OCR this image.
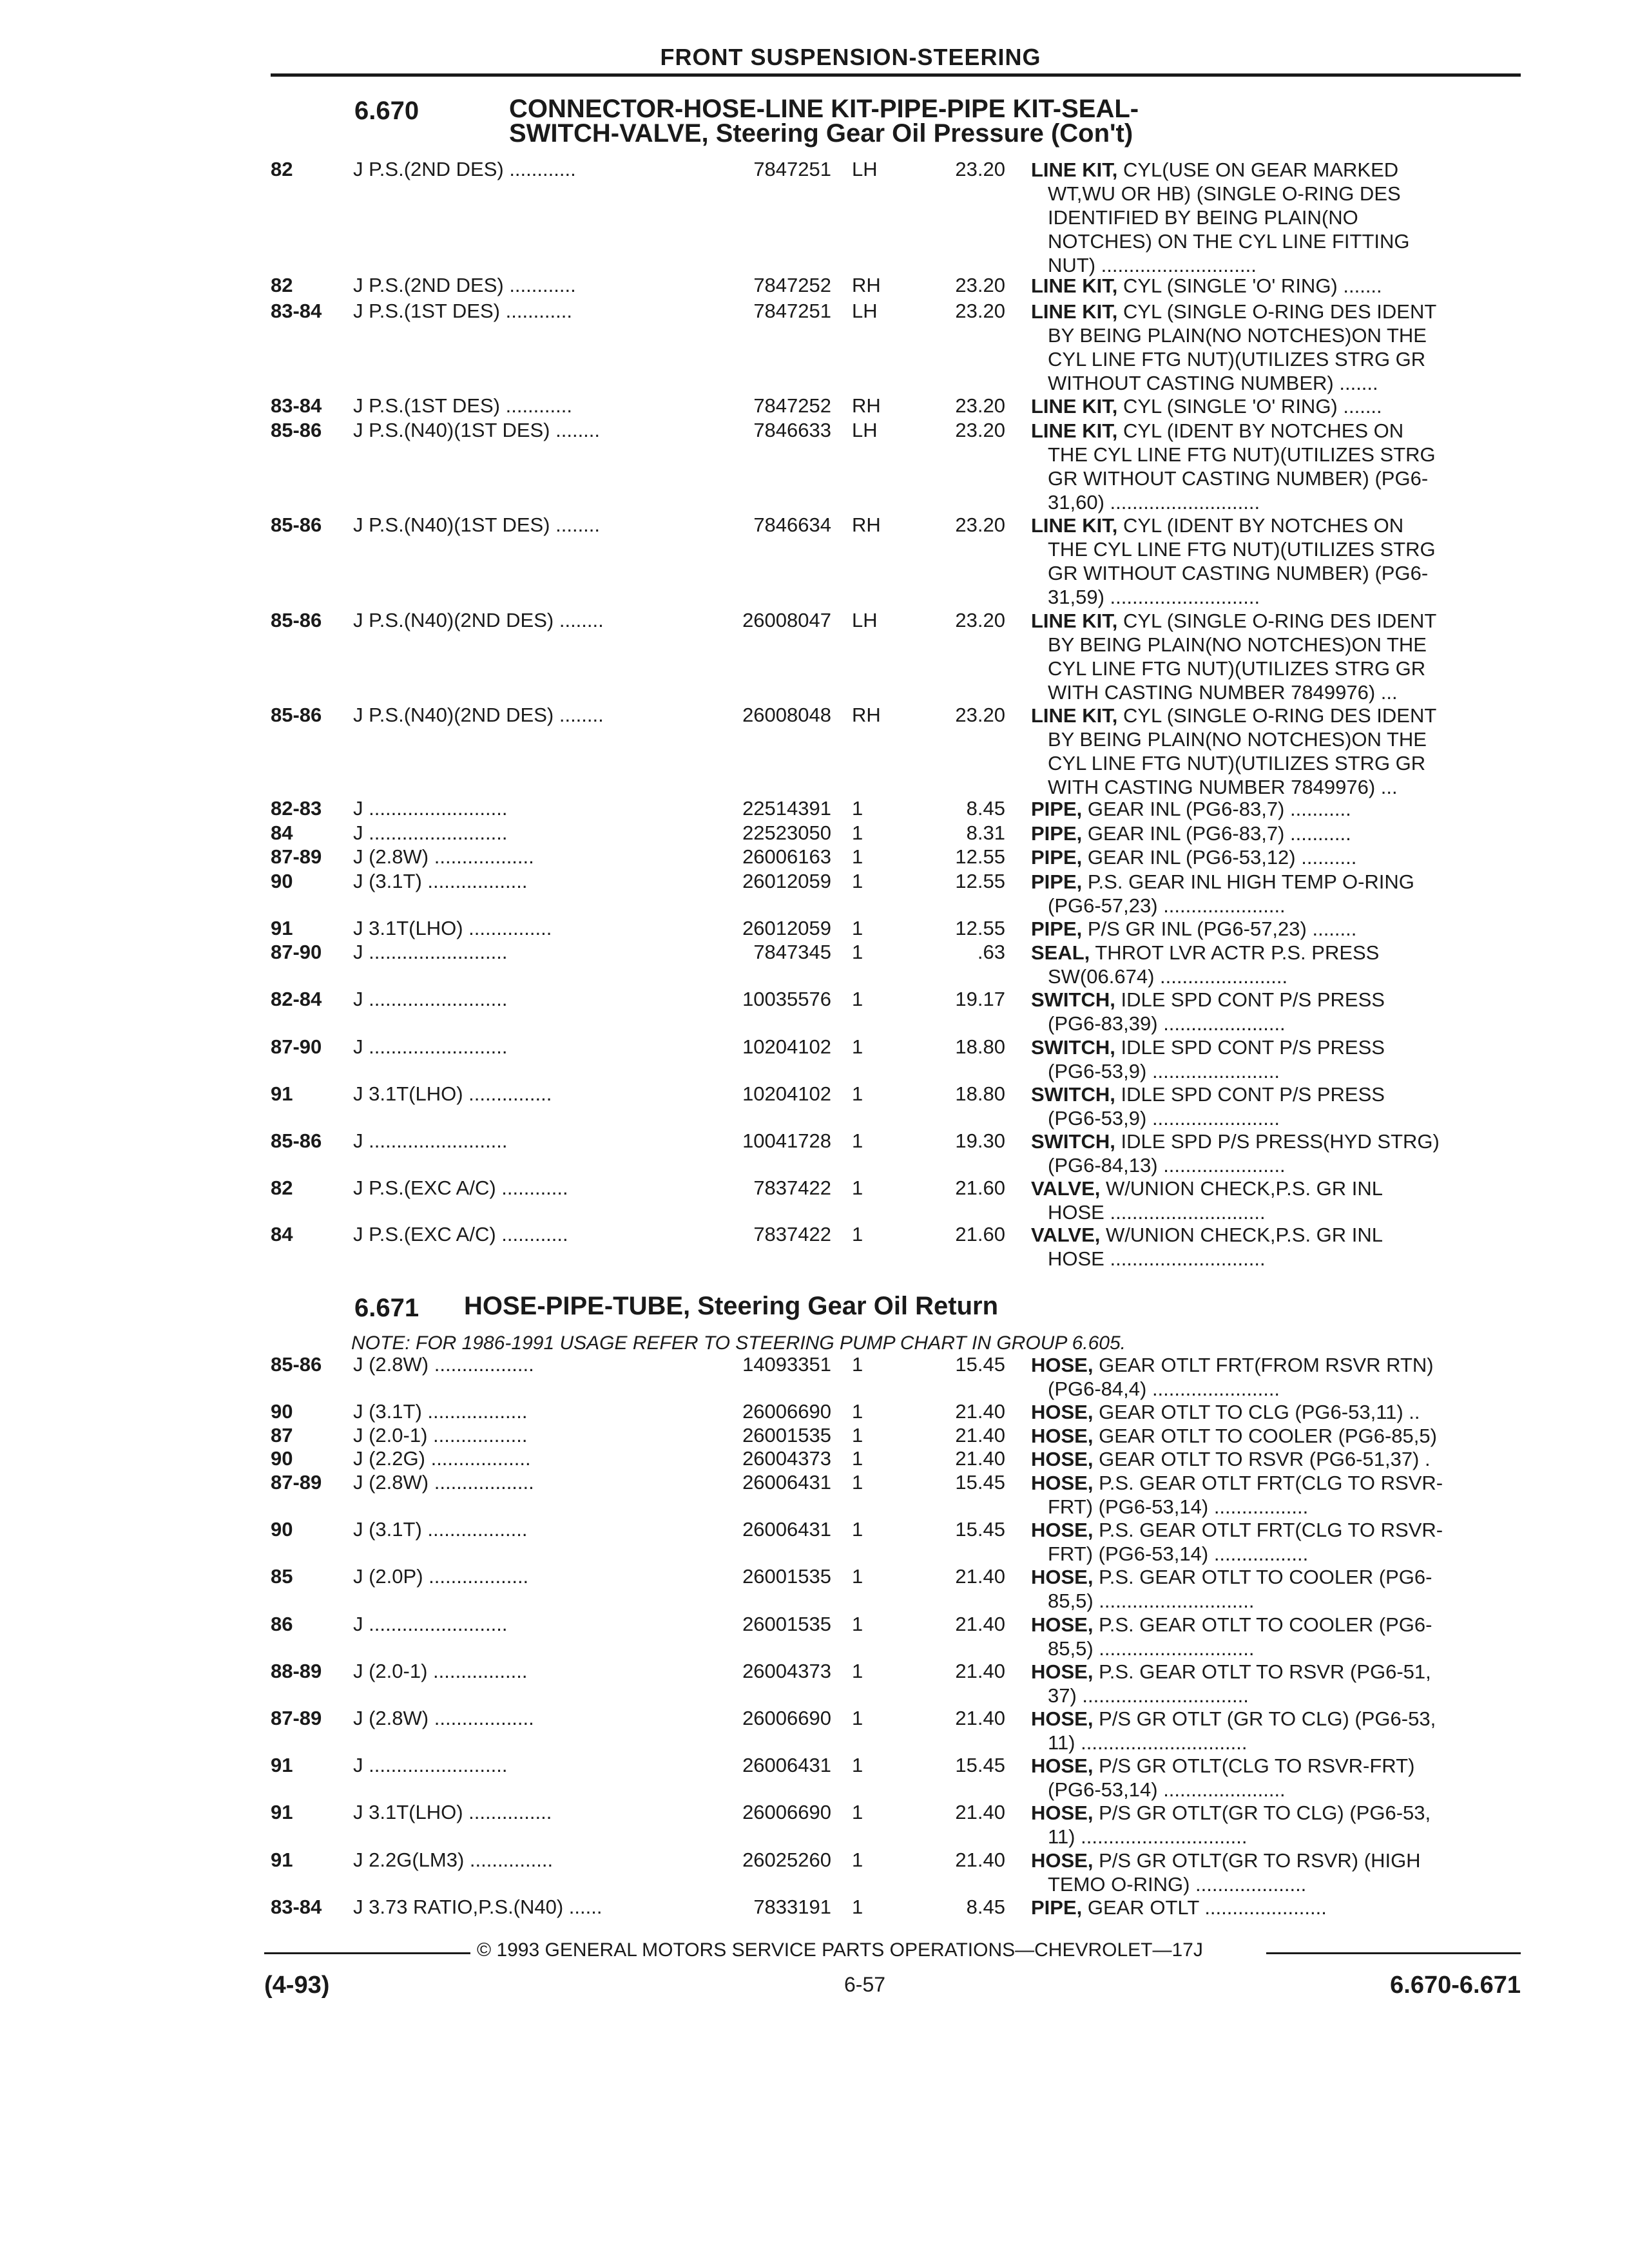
FRONT SUSPENSION-STEERING
6.670	CONNECTOR-HOSE-LINE KIT-PIPE-PIPE KIT-SEAL-
SWITCH-VALVE, Steering Gear Oil Pressure (Con't)
82	J P.S.(2ND DES) ............	7847251 LH	23.20 LINE KIT, CYL(USE ON GEAR MARKED
WT,WU OR HB) (SINGLE O-RING DES
IDENTIFIED BY BEING PLAIN(NO
NOTCHES) ON THE CYL LINE FITTING
NUT) ............................
82	J P.S.(2ND DES) ............	7847252 RH	23.20 LINE KIT, CYL (SINGLE 'O' RING) .......
83-84 J P.S.(1ST DES) ............	7847251 LH	23.20 LINE KIT, CYL (SINGLE O-RING DES IDENT
BY BEING PLAIN(NO NOTCHES)ON THE
CYL LINE FTG NUT)(UTILIZES STRG GR
WITHOUT CASTING NUMBER) .......
83-84 J P.S.(1ST DES) ............	7847252 RH	23.20 LINE KIT, CYL (SINGLE 'O' RING) .......
85-86 J P.S.(N40)(1ST DES) ........	7846633 LH	23.20 LINE KIT, CYL (IDENT BY NOTCHES ON
THE CYL LINE FTG NUT)(UTILIZES STRG
GR WITHOUT CASTING NUMBER) (PG6-
31,60) ...........................
85-86 J P.S.(N40)(1ST DES) ........	7846634 RH	23.20 LINE KIT, CYL (IDENT BY NOTCHES ON
THE CYL LINE FTG NUT)(UTILIZES STRG
GR WITHOUT CASTING NUMBER) (PG6-
31,59) ...........................
85-86 J P.S.(N40)(2ND DES) ........	26008047 LH	23.20 LINE KIT, CYL (SINGLE O-RING DES IDENT
BY BEING PLAIN(NO NOTCHES)ON THE
CYL LINE FTG NUT)(UTILIZES STRG GR
WITH CASTING NUMBER 7849976) ...
85-86 J P.S.(N40)(2ND DES) ........	26008048 RH	23.20 LINE KIT, CYL (SINGLE O-RING DES IDENT
BY BEING PLAIN(NO NOTCHES)ON THE
CYL LINE FTG NUT)(UTILIZES STRG GR
WITH CASTING NUMBER 7849976) ...
82-83 J .........................	22514391 1	8.45 PIPE, GEAR INL (PG6-83,7) ...........
84	J .........................	22523050 1	8.31 PIPE, GEAR INL (PG6-83,7) ...........
87-89 J (2.8W) ..................	26006163 1	12.55 PIPE, GEAR INL (PG6-53,12) ..........
90	J (3.1T) ..................	26012059 1	12.55 PIPE, P.S. GEAR INL HIGH TEMP O-RING
(PG6-57,23) ......................
91	J 3.1T(LHO) ...............	26012059 1	12.55 PIPE, P/S GR INL (PG6-57,23) ........
87-90 J .........................	7847345 1	.63 SEAL, THROT LVR ACTR P.S. PRESS
SW(06.674) .......................
82-84 J .........................	10035576 1	19.17 SWITCH, IDLE SPD CONT P/S PRESS
(PG6-83,39) ......................
87-90 J .........................	10204102 1	18.80 SWITCH, IDLE SPD CONT P/S PRESS
(PG6-53,9) .......................
91	J 3.1T(LHO) ...............	10204102 1	18.80 SWITCH, IDLE SPD CONT P/S PRESS
(PG6-53,9) .......................
85-86 J .........................	10041728 1	19.30 SWITCH, IDLE SPD P/S PRESS(HYD STRG)
(PG6-84,13) ......................
82	J P.S.(EXC A/C) ............	7837422 1	21.60 VALVE, W/UNION CHECK,P.S. GR INL
HOSE ............................
84	J P.S.(EXC A/C) ............	7837422 1	21.60 VALVE, W/UNION CHECK,P.S. GR INL
HOSE ............................
6.671 HOSE-PIPE-TUBE, Steering Gear Oil Return
NOTE: FOR 1986-1991 USAGE REFER TO STEERING PUMP CHART IN GROUP 6.605.
85-86 J (2.8W) ..................	14093351 1	15.45 HOSE, GEAR OTLT FRT(FROM RSVR RTN)
(PG6-84,4) .......................
90	J (3.1T) ..................	26006690 1	21.40 HOSE, GEAR OTLT TO CLG (PG6-53,11) ..
87	J (2.0-1) .................	26001535 1	21.40 HOSE, GEAR OTLT TO COOLER (PG6-85,5)
90	J (2.2G) ..................	26004373 1	21.40 HOSE, GEAR OTLT TO RSVR (PG6-51,37) .
87-89 J (2.8W) ..................	26006431 1	15.45 HOSE, P.S. GEAR OTLT FRT(CLG TO RSVR-
FRT) (PG6-53,14) .................
90	J (3.1T) ..................	26006431 1	15.45 HOSE, P.S. GEAR OTLT FRT(CLG TO RSVR-
FRT) (PG6-53,14) .................
85	J (2.0P) ..................	26001535 1	21.40 HOSE, P.S. GEAR OTLT TO COOLER (PG6-
85,5) ............................
86	J .........................	26001535 1	21.40 HOSE, P.S. GEAR OTLT TO COOLER (PG6-
85,5) ............................
88-89 J (2.0-1) .................	26004373 1	21.40 HOSE, P.S. GEAR OTLT TO RSVR (PG6-51,
37) ..............................
87-89 J (2.8W) ..................	26006690 1	21.40 HOSE, P/S GR OTLT (GR TO CLG) (PG6-53,
11) ..............................
91	J .........................	26006431 1	15.45 HOSE, P/S GR OTLT(CLG TO RSVR-FRT)
(PG6-53,14) ......................
91	J 3.1T(LHO) ...............	26006690 1	21.40 HOSE, P/S GR OTLT(GR TO CLG) (PG6-53,
11) ..............................
91	J 2.2G(LM3) ...............	26025260 1	21.40 HOSE, P/S GR OTLT(GR TO RSVR) (HIGH
TEMO O-RING) ....................
83-84 J 3.73 RATIO,P.S.(N40) ......	7833191 1	8.45 PIPE, GEAR OTLT ......................
© 1993 GENERAL MOTORS SERVICE PARTS OPERATIONS—CHEVROLET—17J
(4-93)	6-57	6.670-6.671
